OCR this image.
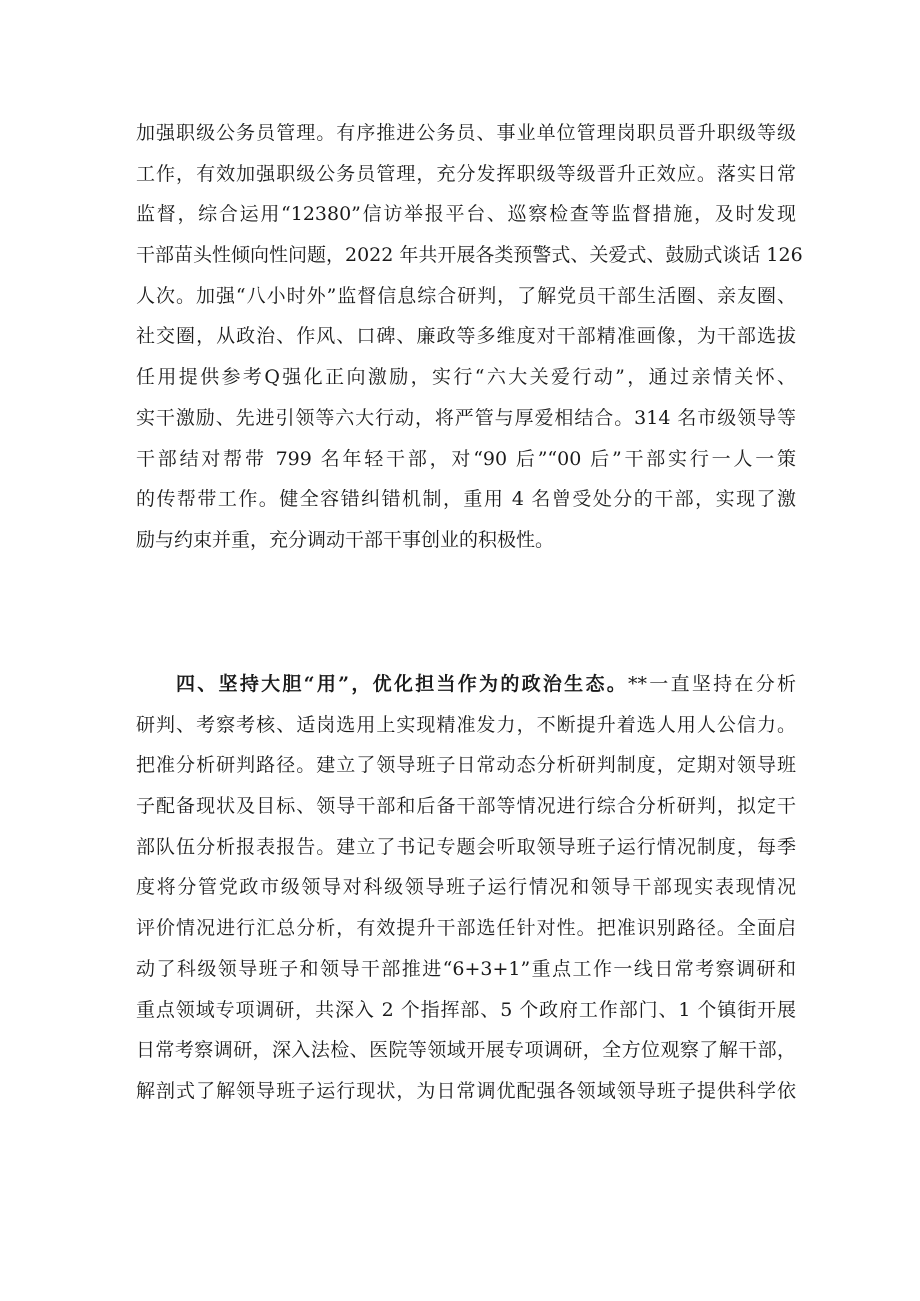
加强职级公务员管理。有序推进公务员、事业单位管理岗职员晋升职级等级
工作，有效加强职级公务员管理，充分发挥职级等级晋升正效应。落实日常
监督，综合运用“12380”信访举报平台、巡察检查等监督措施，及时发现
干部苗头性倾向性问题，2022 年共开展各类预警式、关爱式、鼓励式谈话 126
人次。加强“八小时外”监督信息综合研判，了解党员干部生活圈、亲友圈、
社交圈，从政治、作风、口碑、廉政等多维度对干部精准画像，为干部选拔
任用提供参考Q强化正向激励，实行“六大关爱行动”，通过亲情关怀、
实干激励、先进引领等六大行动，将严管与厚爱相结合。314 名市级领导等
干部结对帮带 799 名年轻干部，对“90 后”“00 后”干部实行一人一策
的传帮带工作。健全容错纠错机制，重用 4 名曾受处分的干部，实现了激
励与约束并重，充分调动干部干事创业的积极性。
四、坚持大胆“用”，优化担当作为的政治生态。**一直坚持在分析
研判、考察考核、适岗选用上实现精准发力，不断提升着选人用人公信力。
把准分析研判路径。建立了领导班子日常动态分析研判制度，定期对领导班
子配备现状及目标、领导干部和后备干部等情况进行综合分析研判，拟定干
部队伍分析报表报告。建立了书记专题会听取领导班子运行情况制度，每季
度将分管党政市级领导对科级领导班子运行情况和领导干部现实表现情况
评价情况进行汇总分析，有效提升干部选任针对性。把准识别路径。全面启
动了科级领导班子和领导干部推进“6+3+1”重点工作一线日常考察调研和
重点领域专项调研，共深入 2 个指挥部、5 个政府工作部门、1 个镇街开展
日常考察调研，深入法检、医院等领域开展专项调研，全方位观察了解干部，
解剖式了解领导班子运行现状，为日常调优配强各领域领导班子提供科学依
